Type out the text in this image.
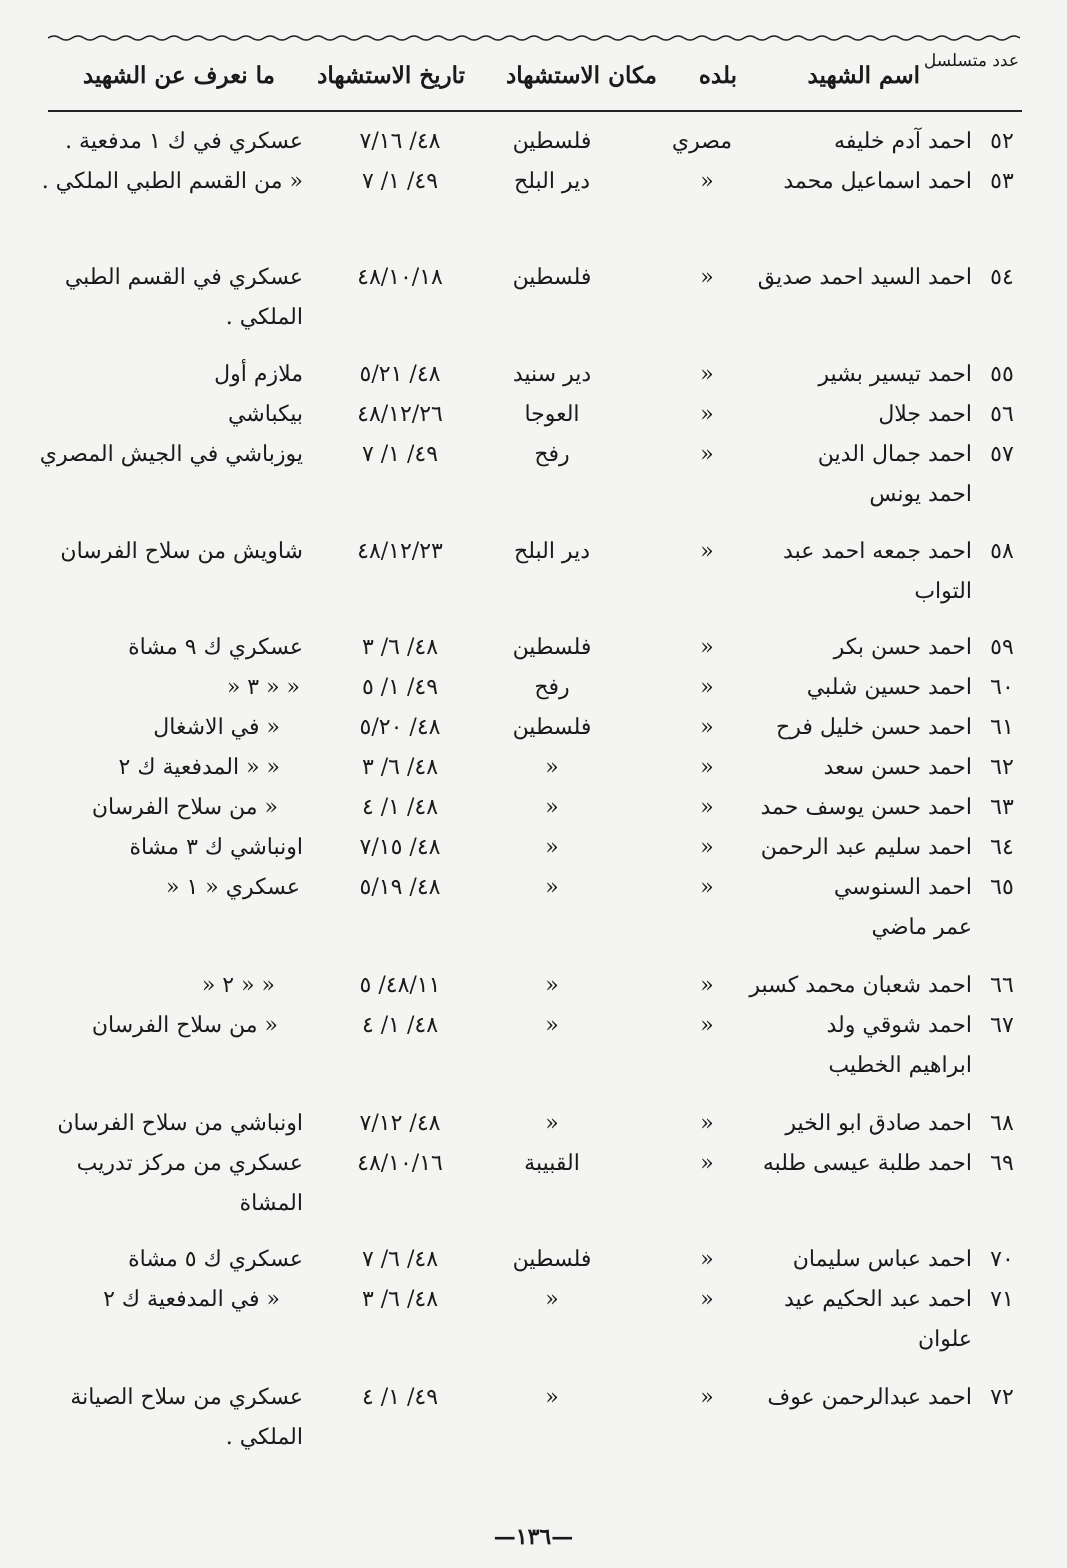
عدد متسلسل
اسم الشهيد
بلده
مكان الاستشهاد
تاريخ الاستشهاد
ما نعرف عن الشهيد
٥٢
احمد آدم خليفه
مصري
فلسطين
٤٨/ ٧/١٦
عسكري في ك ١ مدفعية .
٥٣
احمد اسماعيل محمد
«
دير البلح
٤٩/ ١/ ٧
« من القسم الطبي الملكي .
٥٤
احمد السيد احمد صديق
«
فلسطين
٤٨/١٠/١٨
عسكري في القسم الطبي الملكي .
٥٥
احمد تيسير بشير
«
دير سنيد
٤٨/ ٥/٢١
ملازم أول
٥٦
احمد جلال
«
العوجا
٤٨/١٢/٢٦
بيكباشي
٥٧
احمد جمال الدين احمد يونس
«
رفح
٤٩/ ١/ ٧
يوزباشي في الجيش المصري
٥٨
احمد جمعه احمد عبد التواب
«
دير البلح
٤٨/١٢/٢٣
شاويش من سلاح الفرسان
٥٩
احمد حسن بكر
«
فلسطين
٤٨/ ٦/ ٣
عسكري ك ٩ مشاة
٦٠
احمد حسين شلبي
«
رفح
٤٩/ ١/ ٥
« « ٣ «
٦١
احمد حسن خليل فرح
«
فلسطين
٤٨/ ٥/٢٠
« في الاشغال
٦٢
احمد حسن سعد
«
«
٤٨/ ٦/ ٣
« « المدفعية ك ٢
٦٣
احمد حسن يوسف حمد
«
«
٤٨/ ١/ ٤
« من سلاح الفرسان
٦٤
احمد سليم عبد الرحمن
«
«
٤٨/ ٧/١٥
اونباشي ك ٣ مشاة
٦٥
احمد السنوسي عمر ماضي
«
«
٤٨/ ٥/١٩
عسكري « ١ «
٦٦
احمد شعبان محمد كسبر
«
«
٤٨/١١/ ٥
« « ٢ «
٦٧
احمد شوقي ولد ابراهيم الخطيب
«
«
٤٨/ ١/ ٤
« من سلاح الفرسان
٦٨
احمد صادق ابو الخير
«
«
٤٨/ ٧/١٢
اونباشي من سلاح الفرسان
٦٩
احمد طلبة عيسى طلبه
«
القبيبة
٤٨/١٠/١٦
عسكري من مركز تدريب المشاة
٧٠
احمد عباس سليمان
«
فلسطين
٤٨/ ٦/ ٧
عسكري ك ٥ مشاة
٧١
احمد عبد الحكيم عيد علوان
«
«
٤٨/ ٦/ ٣
« في المدفعية ك ٢
٧٢
احمد عبدالرحمن عوف
«
«
٤٩/ ١/ ٤
عسكري من سلاح الصيانة الملكي .
—١٣٦—
